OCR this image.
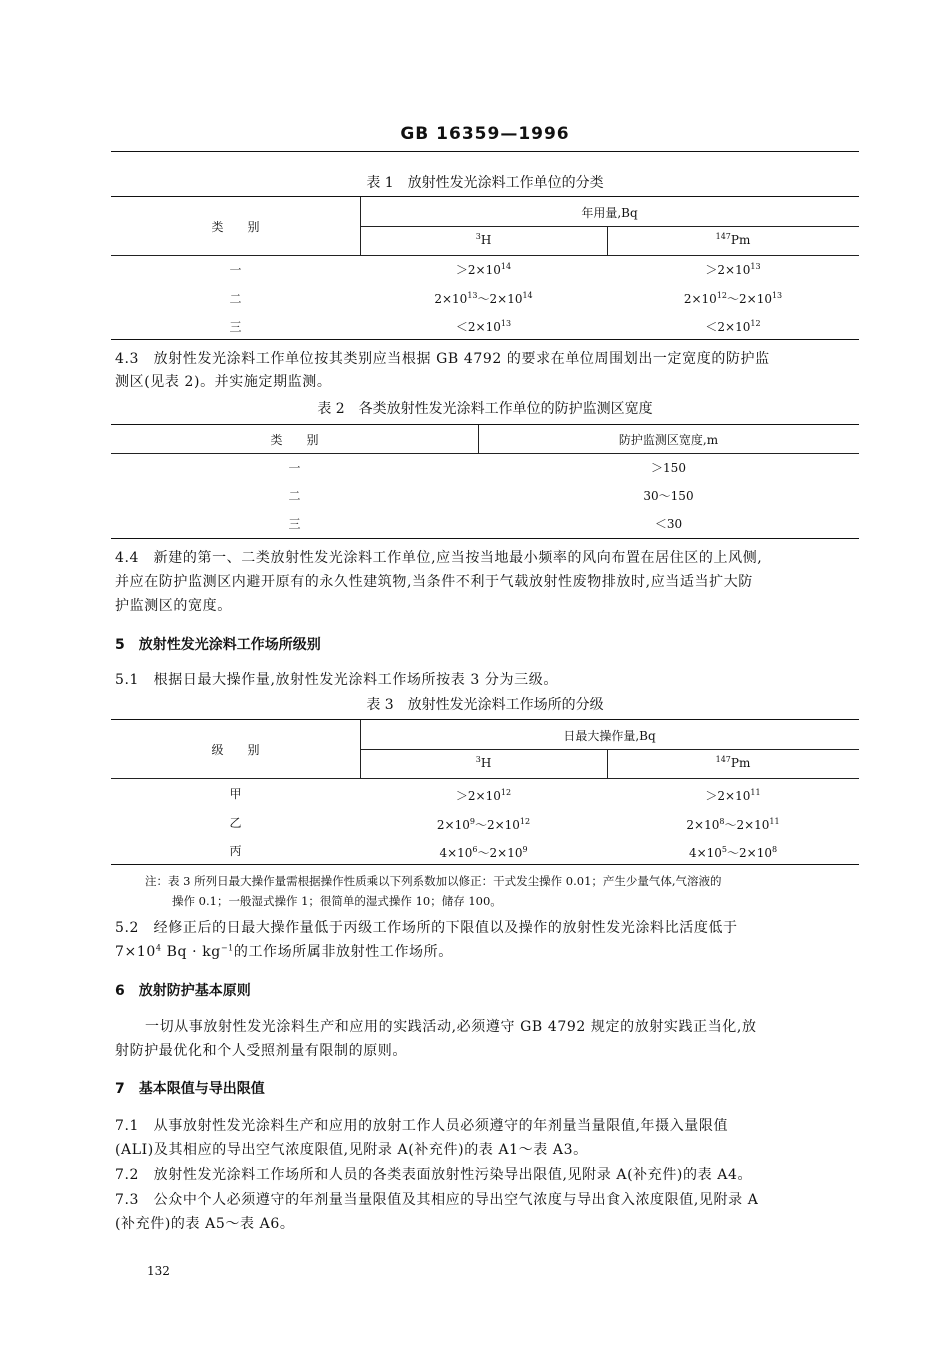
GB 16359—1996
表 1　放射性发光涂料工作单位的分类
类　　别
年用量,Bq
$^3$H	$^{147}$Pm
一	$>2\times 10^{14}$	$>2\times 10^{13}$
二	$2\times 10^{13}\sim 2\times 10^{14}$	$2\times 10^{12}\sim 2\times 10^{13}$
三	$<2\times 10^{13}$	$<2\times 10^{12}$
4.3　放射性发光涂料工作单位按其类别应当根据 GB 4792 的要求在单位周围划出一定宽度的防护监
测区(见表 2)。并实施定期监测。
表 2　各类放射性发光涂料工作单位的防护监测区宽度
类　　别	防护监测区宽度,m
一	＞150
二	30～150
三	＜30
4.4　新建的第一、二类放射性发光涂料工作单位,应当按当地最小频率的风向布置在居住区的上风侧,
并应在防护监测区内避开原有的永久性建筑物,当条件不利于气载放射性废物排放时,应当适当扩大防
护监测区的宽度。
5　放射性发光涂料工作场所级别
5.1　根据日最大操作量,放射性发光涂料工作场所按表 3 分为三级。
表 3　放射性发光涂料工作场所的分级
级　　别
日最大操作量,Bq
$^3$H	$^{147}$Pm
甲	$>2\times 10^{12}$	$>2\times 10^{11}$
乙	$2\times 10^9\sim 2\times 10^{12}$	$2\times 10^8\sim 2\times 10^{11}$
丙	$4\times 10^6\sim 2\times 10^9$	$4\times 10^5\sim 2\times 10^8$
注：表 3 所列日最大操作量需根据操作性质乘以下列系数加以修正：干式发尘操作 0.01；产生少量气体,气溶液的
操作 0.1；一般湿式操作 1；很简单的湿式操作 10；储存 100。
5.2　经修正后的日最大操作量低于丙级工作场所的下限值以及操作的放射性发光涂料比活度低于
$7\times 10^4$ $Bq \cdot kg^{-1}$的工作场所属非放射性工作场所。
6　放射防护基本原则
一切从事放射性发光涂料生产和应用的实践活动,必须遵守 GB 4792 规定的放射实践正当化,放
射防护最优化和个人受照剂量有限制的原则。
7　基本限值与导出限值
7.1　从事放射性发光涂料生产和应用的放射工作人员必须遵守的年剂量当量限值,年摄入量限值
(ALI)及其相应的导出空气浓度限值,见附录 A(补充件)的表 A1～表 A3。
7.2　放射性发光涂料工作场所和人员的各类表面放射性污染导出限值,见附录 A(补充件)的表 A4。
7.3　公众中个人必须遵守的年剂量当量限值及其相应的导出空气浓度与导出食入浓度限值,见附录 A
(补充件)的表 A5～表 A6。
132
